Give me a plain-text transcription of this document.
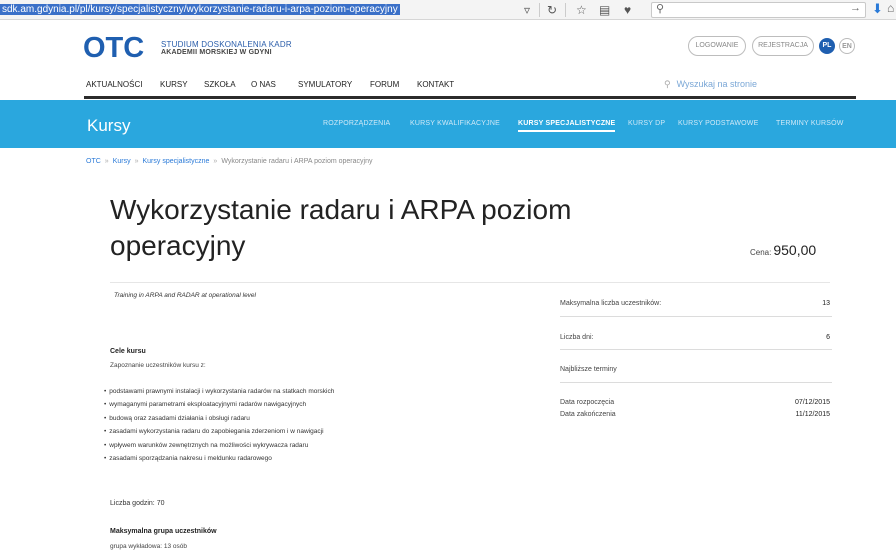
sdk.am.gdynia.pl/pl/kursy/specjalistyczny/wykorzystanie-radaru-i-arpa-poziom-operacyjny	▿ ↻ ☆ ▤ ♥ ⚲	→ ⬇ ⌂
OTC STUDIUM DOSKONALENIA KADR
AKADEMII MORSKIEJ W GDYNI
LOGOWANIE	REJESTRACJA	PL	EN
AKTUALNOŚCI KURSY SZKOŁA O NAS	SYMULATORY FORUM KONTAKT	⚲ Wyszukaj na stronie
Kursy	ROZPORZĄDZENIA	KURSY KWALIFIKACYJNE	KURSY SPECJALISTYCZNE KURSY DP KURSY PODSTAWOWE	TERMINY KURSÓW
OTC » Kursy » Kursy specjalistyczne » Wykorzystanie radaru i ARPA poziom operacyjny
Wykorzystanie radaru i ARPA poziom operacyjny	Cena: 950,00
Training in ARPA and RADAR at operational level
Cele kursu
Zapoznanie uczestników kursu z:
• podstawami prawnymi instalacji i wykorzystania radarów na statkach morskich
• wymaganymi parametrami eksploatacyjnymi radarów nawigacyjnych
• budową oraz zasadami działania i obsługi radaru
• zasadami wykorzystania radaru do zapobiegania zderzeniom i w nawigacji
• wpływem warunków zewnętrznych na możliwości wykrywacza radaru
• zasadami sporządzania nakresu i meldunku radarowego
Liczba godzin: 70
Maksymalna grupa uczestników
grupa wykładowa: 13 osób
Maksymalna liczba uczestników:	13
Liczba dni:	6
Najbliższe terminy
Data rozpoczęcia	07/12/2015
Data zakończenia	11/12/2015
